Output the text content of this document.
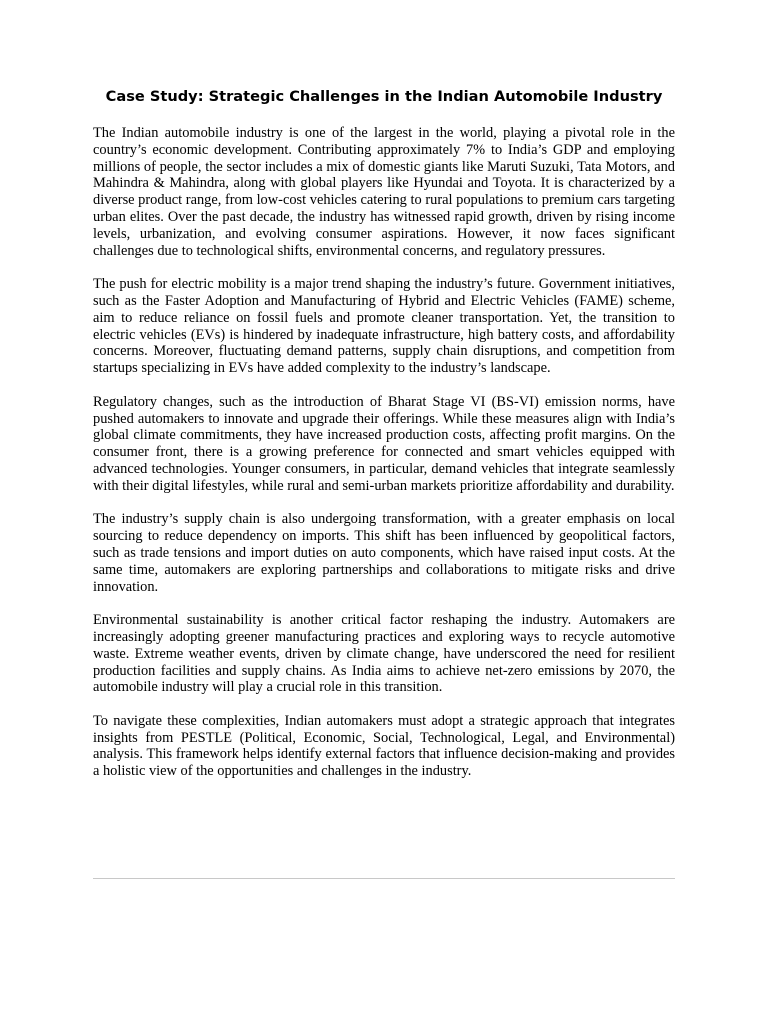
Case Study: Strategic Challenges in the Indian Automobile Industry

The Indian automobile industry is one of the largest in the world, playing a pivotal role in the country’s economic development. Contributing approximately 7% to India’s GDP and employing millions of people, the sector includes a mix of domestic giants like Maruti Suzuki, Tata Motors, and Mahindra & Mahindra, along with global players like Hyundai and Toyota. It is characterized by a diverse product range, from low-cost vehicles catering to rural populations to premium cars targeting urban elites. Over the past decade, the industry has witnessed rapid growth, driven by rising income levels, urbanization, and evolving consumer aspirations. However, it now faces significant challenges due to technological shifts, environmental concerns, and regulatory pressures.

The push for electric mobility is a major trend shaping the industry’s future. Government initiatives, such as the Faster Adoption and Manufacturing of Hybrid and Electric Vehicles (FAME) scheme, aim to reduce reliance on fossil fuels and promote cleaner transportation. Yet, the transition to electric vehicles (EVs) is hindered by inadequate infrastructure, high battery costs, and affordability concerns. Moreover, fluctuating demand patterns, supply chain disruptions, and competition from startups specializing in EVs have added complexity to the industry’s landscape.

Regulatory changes, such as the introduction of Bharat Stage VI (BS-VI) emission norms, have pushed automakers to innovate and upgrade their offerings. While these measures align with India’s global climate commitments, they have increased production costs, affecting profit margins. On the consumer front, there is a growing preference for connected and smart vehicles equipped with advanced technologies. Younger consumers, in particular, demand vehicles that integrate seamlessly with their digital lifestyles, while rural and semi-urban markets prioritize affordability and durability.

The industry’s supply chain is also undergoing transformation, with a greater emphasis on local sourcing to reduce dependency on imports. This shift has been influenced by geopolitical factors, such as trade tensions and import duties on auto components, which have raised input costs. At the same time, automakers are exploring partnerships and collaborations to mitigate risks and drive innovation.

Environmental sustainability is another critical factor reshaping the industry. Automakers are increasingly adopting greener manufacturing practices and exploring ways to recycle automotive waste. Extreme weather events, driven by climate change, have underscored the need for resilient production facilities and supply chains. As India aims to achieve net-zero emissions by 2070, the automobile industry will play a crucial role in this transition.

To navigate these complexities, Indian automakers must adopt a strategic approach that integrates insights from PESTLE (Political, Economic, Social, Technological, Legal, and Environmental) analysis. This framework helps identify external factors that influence decision-making and provides a holistic view of the opportunities and challenges in the industry.
